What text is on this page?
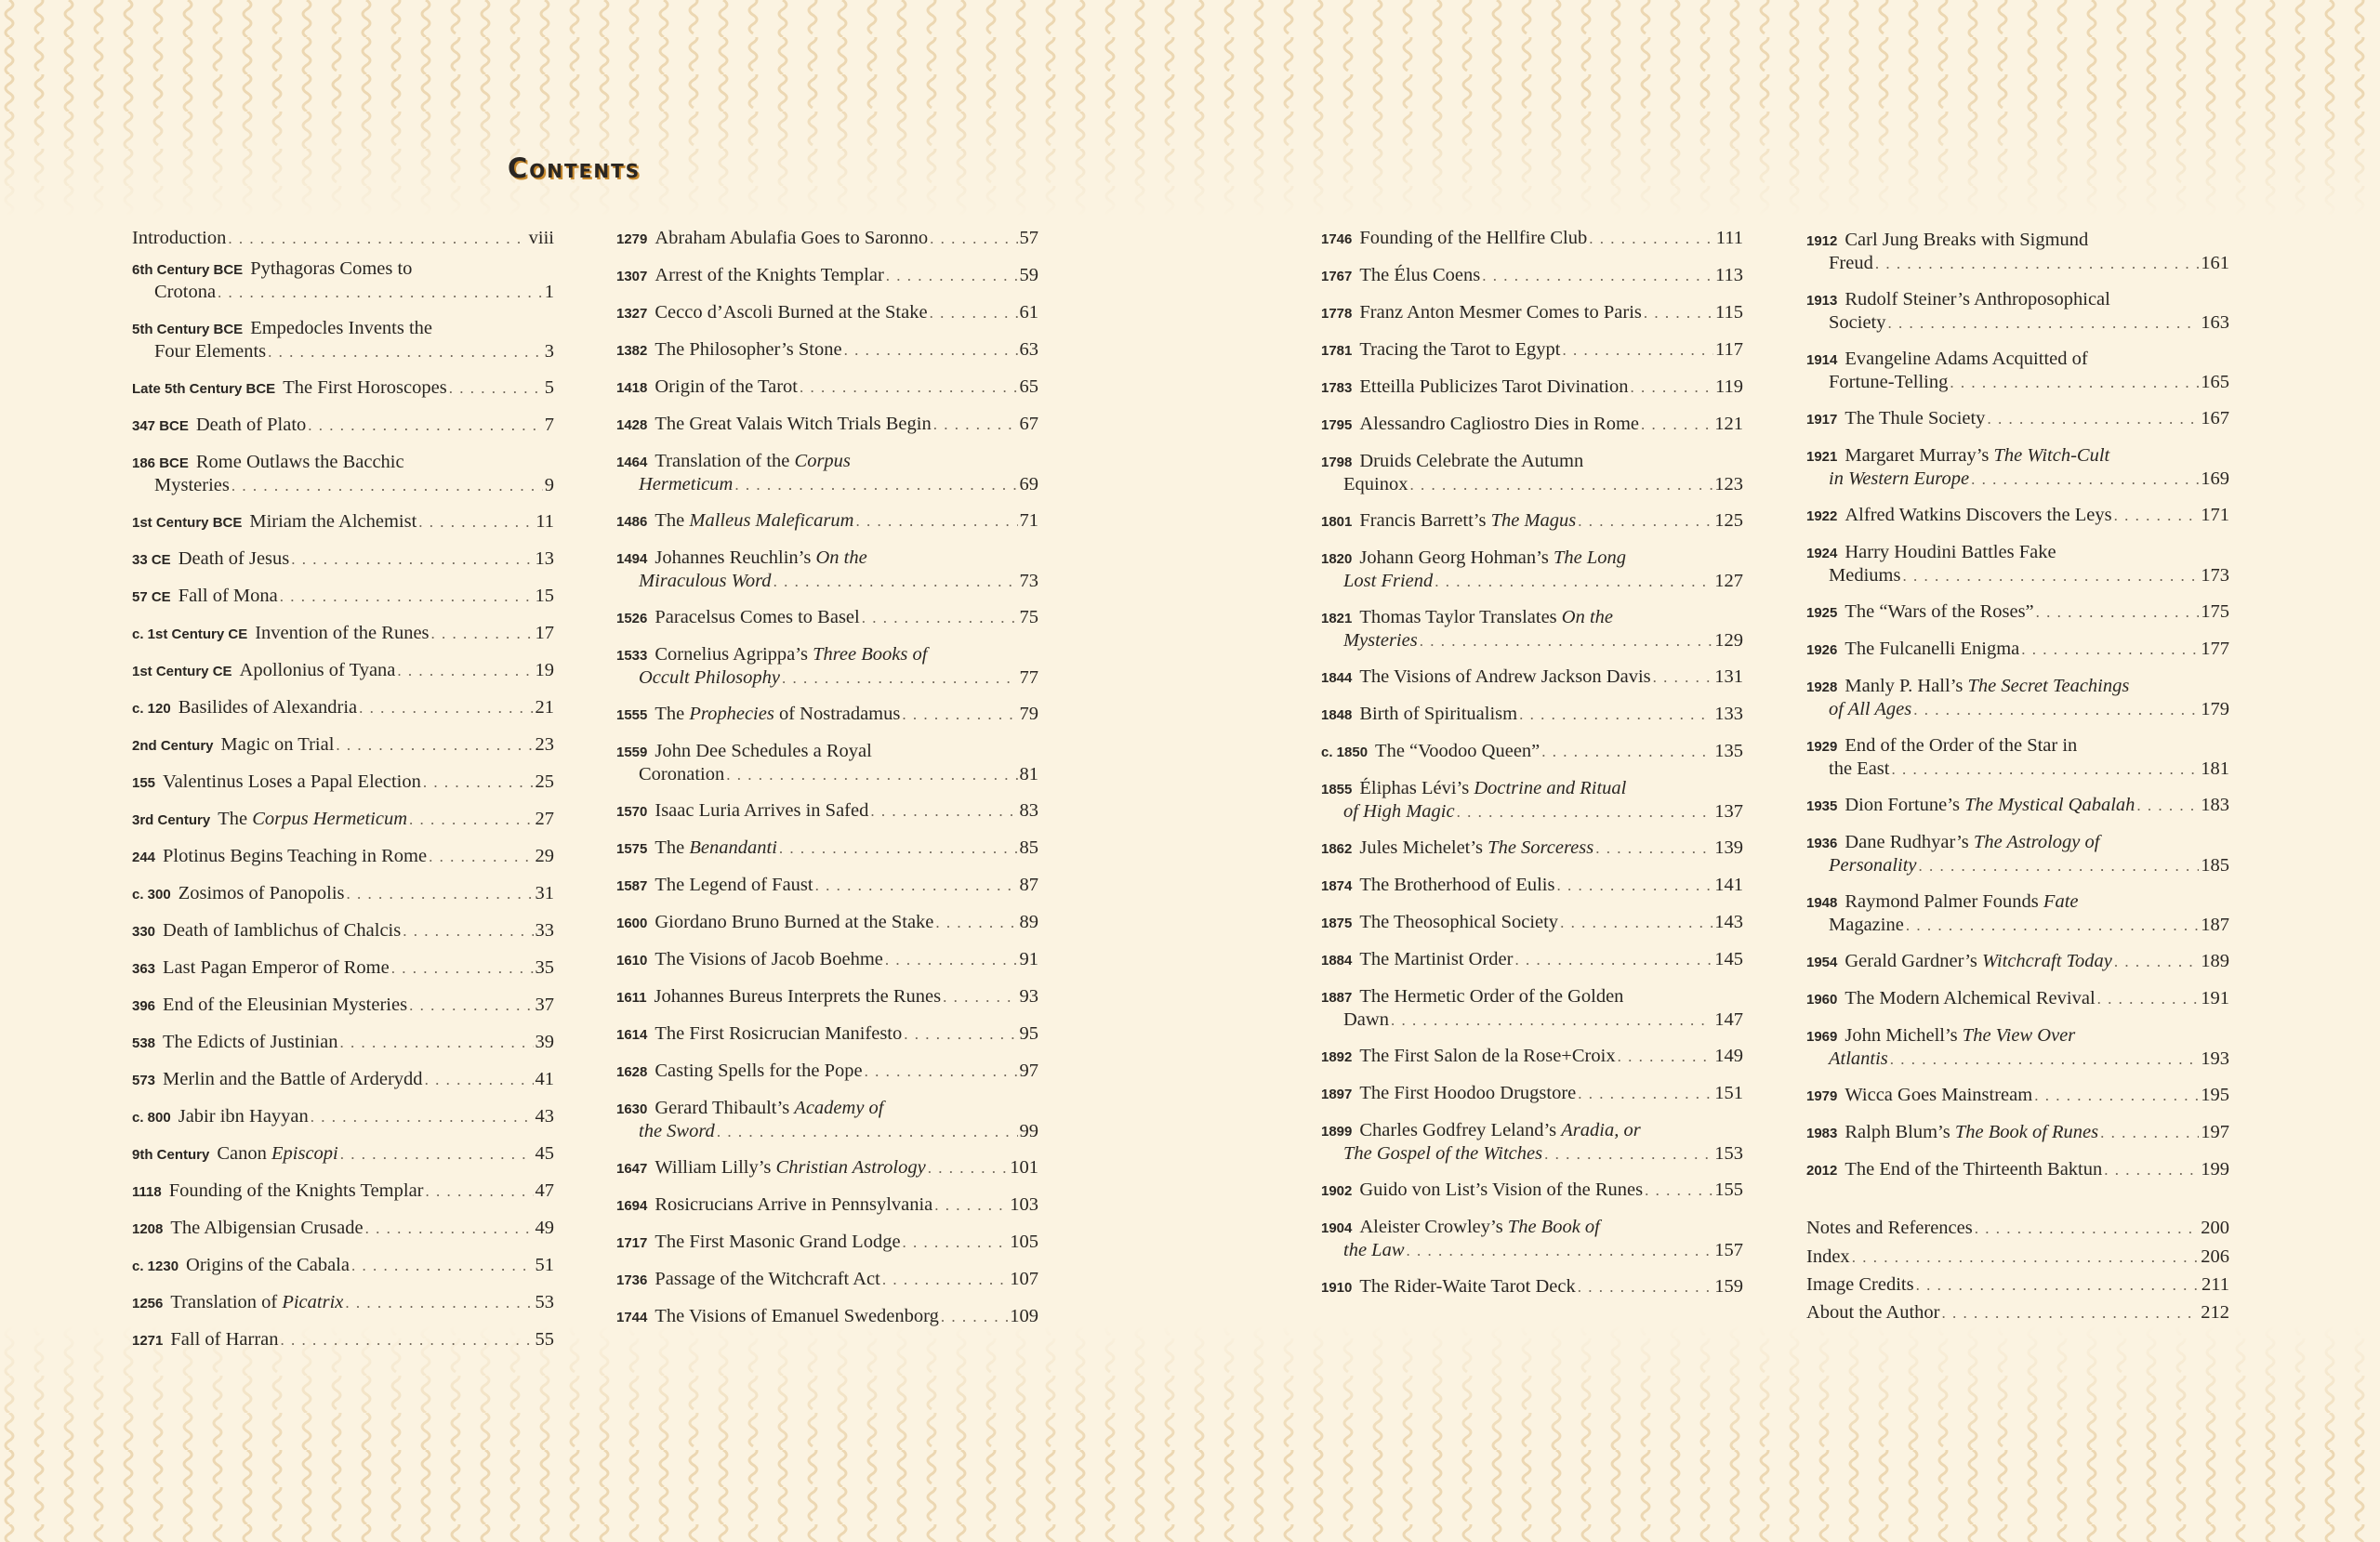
Contents
Introduction . . .	viii
6th Century BCE Pythagoras Comes to
Crotona . . .	1
5th Century BCE Empedocles Invents the
Four Elements . . .	3
Late 5th Century BCE The First Horoscopes . . .	5
347 BCE Death of Plato . . .	7
186 BCE Rome Outlaws the Bacchic
Mysteries . . .	9
1st Century BCE Miriam the Alchemist . . .	11
33 CE Death of Jesus . . .	13
57 CE Fall of Mona . . .	15
c. 1st Century CE Invention of the Runes . . .	17
1st Century CE Apollonius of Tyana . . .	19
c. 120 Basilides of Alexandria . . .	21
2nd Century Magic on Trial . . .	23
155 Valentinus Loses a Papal Election . . .	25
3rd Century The Corpus Hermeticum . . .	27
244 Plotinus Begins Teaching in Rome . . .	29
c. 300 Zosimos of Panopolis . . .	31
330 Death of Iamblichus of Chalcis . . .	33
363 Last Pagan Emperor of Rome . . .	35
396 End of the Eleusinian Mysteries . . .	37
538 The Edicts of Justinian . . .	39
573 Merlin and the Battle of Arderydd . . .	41
c. 800 Jabir ibn Hayyan . . .	43
9th Century Canon Episcopi . . .	45
1118 Founding of the Knights Templar . . .	47
1208 The Albigensian Crusade . . .	49
c. 1230 Origins of the Cabala . . .	51
1256 Translation of Picatrix . . .	53
1271 Fall of Harran . . .	55
1279 Abraham Abulafia Goes to Saronno . . .	57
1307 Arrest of the Knights Templar . . .	59
1327 Cecco d’Ascoli Burned at the Stake . . .	61
1382 The Philosopher’s Stone . . .	63
1418 Origin of the Tarot . . .	65
1428 The Great Valais Witch Trials Begin . . .	67
1464 Translation of the Corpus
Hermeticum . . .	69
1486 The Malleus Maleficarum . . .	71
1494 Johannes Reuchlin’s On the
Miraculous Word . . .	73
1526 Paracelsus Comes to Basel . . .	75
1533 Cornelius Agrippa’s Three Books of
Occult Philosophy . . .	77
1555 The Prophecies of Nostradamus . . .	79
1559 John Dee Schedules a Royal
Coronation . . .	81
1570 Isaac Luria Arrives in Safed . . .	83
1575 The Benandanti . . .	85
1587 The Legend of Faust . . .	87
1600 Giordano Bruno Burned at the Stake . . .	89
1610 The Visions of Jacob Boehme . . .	91
1611 Johannes Bureus Interprets the Runes . . .	93
1614 The First Rosicrucian Manifesto . . .	95
1628 Casting Spells for the Pope . . .	97
1630 Gerard Thibault’s Academy of
the Sword . . .	99
1647 William Lilly’s Christian Astrology . . .	101
1694 Rosicrucians Arrive in Pennsylvania . . .	103
1717 The First Masonic Grand Lodge . . .	105
1736 Passage of the Witchcraft Act . . .	107
1744 The Visions of Emanuel Swedenborg . . .	109
1746 Founding of the Hellfire Club . . .	111
1767 The Élus Coens . . .	113
1778 Franz Anton Mesmer Comes to Paris . . .	115
1781 Tracing the Tarot to Egypt . . .	117
1783 Etteilla Publicizes Tarot Divination . . .	119
1795 Alessandro Cagliostro Dies in Rome . . .	121
1798 Druids Celebrate the Autumn
Equinox . . .	123
1801 Francis Barrett’s The Magus . . .	125
1820 Johann Georg Hohman’s The Long
Lost Friend . . .	127
1821 Thomas Taylor Translates On the
Mysteries . . .	129
1844 The Visions of Andrew Jackson Davis . . .	131
1848 Birth of Spiritualism . . .	133
c. 1850 The “Voodoo Queen” . . .	135
1855 Éliphas Lévi’s Doctrine and Ritual
of High Magic . . .	137
1862 Jules Michelet’s The Sorceress . . .	139
1874 The Brotherhood of Eulis . . .	141
1875 The Theosophical Society . . .	143
1884 The Martinist Order . . .	145
1887 The Hermetic Order of the Golden
Dawn . . .	147
1892 The First Salon de la Rose+Croix . . .	149
1897 The First Hoodoo Drugstore . . .	151
1899 Charles Godfrey Leland’s Aradia, or
The Gospel of the Witches . . .	153
1902 Guido von List’s Vision of the Runes . . .	155
1904 Aleister Crowley’s The Book of
the Law . . .	157
1910 The Rider-Waite Tarot Deck . . .	159
1912 Carl Jung Breaks with Sigmund
Freud . . .	161
1913 Rudolf Steiner’s Anthroposophical
Society . . .	163
1914 Evangeline Adams Acquitted of
Fortune-Telling . . .	165
1917 The Thule Society . . .	167
1921 Margaret Murray’s The Witch-Cult
in Western Europe . . .	169
1922 Alfred Watkins Discovers the Leys . . .	171
1924 Harry Houdini Battles Fake
Mediums . . .	173
1925 The “Wars of the Roses” . . .	175
1926 The Fulcanelli Enigma . . .	177
1928 Manly P. Hall’s The Secret Teachings
of All Ages . . .	179
1929 End of the Order of the Star in
the East . . .	181
1935 Dion Fortune’s The Mystical Qabalah . . .	183
1936 Dane Rudhyar’s The Astrology of
Personality . . .	185
1948 Raymond Palmer Founds Fate
Magazine . . .	187
1954 Gerald Gardner’s Witchcraft Today . . .	189
1960 The Modern Alchemical Revival . . .	191
1969 John Michell’s The View Over
Atlantis . . .	193
1979 Wicca Goes Mainstream . . .	195
1983 Ralph Blum’s The Book of Runes . . .	197
2012 The End of the Thirteenth Baktun . . .	199
Notes and References . . .	200
Index . . .	206
Image Credits . . .	211
About the Author . . .	212
